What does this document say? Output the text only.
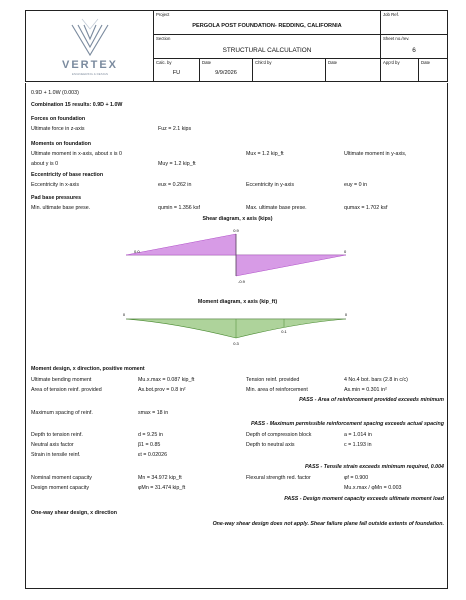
VERTEX
ENGINEERING & DESIGN
Project
PERGOLA POST FOUNDATION- REDDING, CALIFORNIA
Job Ref.
Section
STRUCTURAL CALCULATION
Sheet no./rev.
6
Calc. by
FU
Date
9/9/2026
Chk'd by	Date	App'd by	Date
0.9D + 1.0W (0.003)
Combination 15 results: 0.9D + 1.0W
Forces on foundation
Ultimate force in z-axis	Fuz = 2.1 kips
Moments on foundation
Ultimate moment in x-axis, about x is 0	Mux = 1.2 kip_ft	Ultimate moment in y-axis,
about y is 0	Muy = 1.2 kip_ft
Eccentricity of base reaction
Eccentricity in x-axis	eux = 0.262 in	Eccentricity in y-axis	euy = 0 in
Pad base pressures
Min. ultimate base prese.	qumin = 1.356 ksf	Max. ultimate base prese.	qumax = 1.702 ksf
Shear diagram, x axis (kips)
0.9
0.0	0
-0.9
Moment diagram, x axis (kip_ft)
0	0
0.1
0.3
Moment design, x direction, positive moment
Ultimate bending moment	Mu.x.max = 0.087 kip_ft	Tension reinf. provided	4 No.4 bot. bars (2.8 in c/c)
Area of tension reinf. provided	As.bot.prov = 0.8 in²	Min. area of reinforcement	As.min = 0.301 in²
PASS - Area of reinforcement provided exceeds minimum
Maximum spacing of reinf.	smax = 18 in
PASS - Maximum permissible reinforcement spacing exceeds actual spacing
Depth to tension reinf.	d = 9.25 in	Depth of compression block	a = 1.014 in
Neutral axis factor	β1 = 0.85	Depth to neutral axis	c = 1.193 in
Strain in tensile reinf.	εt = 0.02026
PASS - Tensile strain exceeds minimum required, 0.004
Nominal moment capacity	Mn = 34.972 kip_ft	Flexural strength red. factor	φf = 0.900
Design moment capacity	φMn = 31.474 kip_ft	Mu.x.max / φMn = 0.003
PASS - Design moment capacity exceeds ultimate moment load
One-way shear design, x direction
One-way shear design does not apply. Shear failure plane fall outside extents of foundation.
